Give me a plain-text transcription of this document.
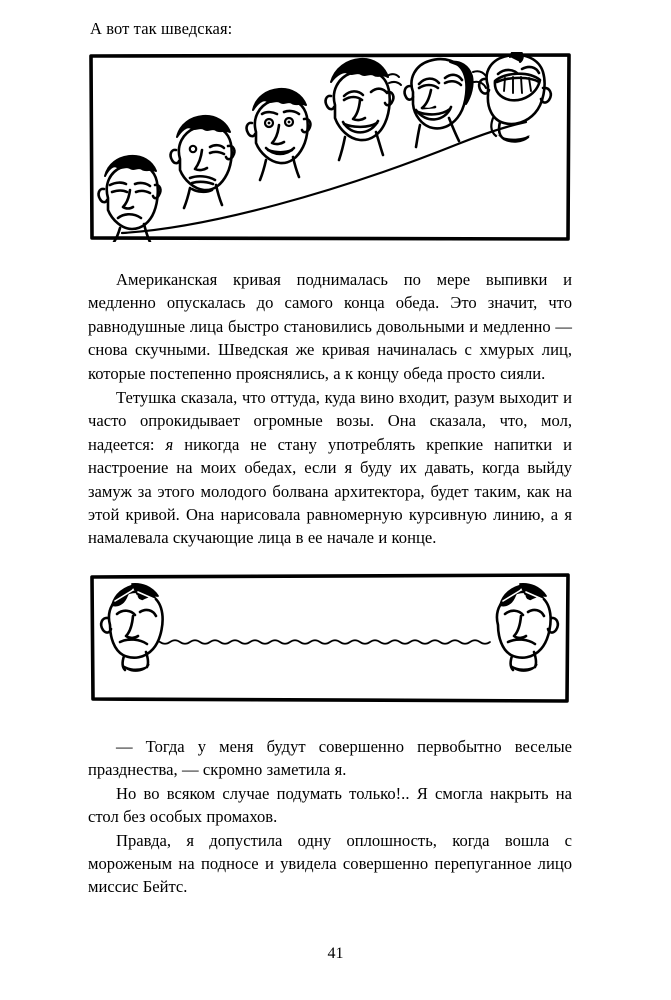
А вот так шведская:

Американская кривая поднималась по мере выпивки и медленно опускалась до самого конца обеда. Это значит, что равнодушные лица быстро становились довольными и медленно — снова скучными. Шведская же кривая начиналась с хмурых лиц, которые постепенно прояснялись, а к концу обеда просто сияли.

Тетушка сказала, что оттуда, куда вино входит, разум выходит и часто опрокидывает огромные возы. Она сказала, что, мол, надеется: я никогда не стану употреблять крепкие напитки и настроение на моих обедах, если я буду их давать, когда выйду замуж за этого молодого болвана архитектора, будет таким, как на этой кривой. Она нарисовала равномерную курсивную линию, а я намалевала скучающие лица в ее начале и конце.

— Тогда у меня будут совершенно первобытно веселые празднества, — скромно заметила я.

Но во всяком случае подумать только!.. Я смогла накрыть на стол без особых промахов.

Правда, я допустила одну оплошность, когда вошла с мороженым на подносе и увидела совершенно перепуганное лицо миссис Бейтс.

41
